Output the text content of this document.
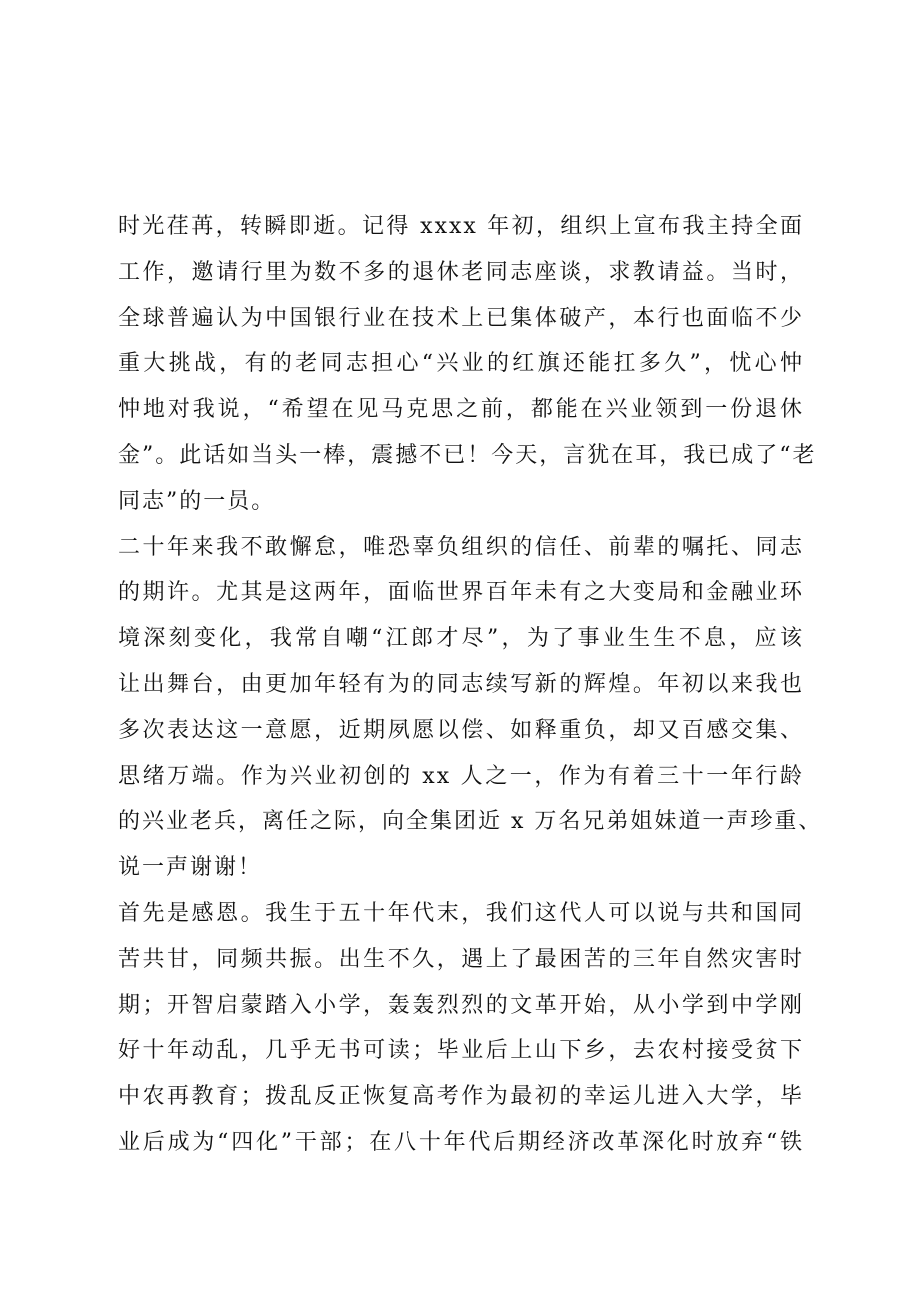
时光荏苒，转瞬即逝。记得 xxxx 年初，组织上宣布我主持全面
工作，邀请行里为数不多的退休老同志座谈，求教请益。当时，
全球普遍认为中国银行业在技术上已集体破产，本行也面临不少
重大挑战，有的老同志担心“兴业的红旗还能扛多久”，忧心忡
忡地对我说，“希望在见马克思之前，都能在兴业领到一份退休
金”。此话如当头一棒，震撼不已！今天，言犹在耳，我已成了“老
同志”的一员。
二十年来我不敢懈怠，唯恐辜负组织的信任、前辈的嘱托、同志
的期许。尤其是这两年，面临世界百年未有之大变局和金融业环
境深刻变化，我常自嘲“江郎才尽”，为了事业生生不息，应该
让出舞台，由更加年轻有为的同志续写新的辉煌。年初以来我也
多次表达这一意愿，近期夙愿以偿、如释重负，却又百感交集、
思绪万端。作为兴业初创的 xx 人之一，作为有着三十一年行龄
的兴业老兵，离任之际，向全集团近 x 万名兄弟姐妹道一声珍重、
说一声谢谢！
首先是感恩。我生于五十年代末，我们这代人可以说与共和国同
苦共甘，同频共振。出生不久，遇上了最困苦的三年自然灾害时
期；开智启蒙踏入小学，轰轰烈烈的文革开始，从小学到中学刚
好十年动乱，几乎无书可读；毕业后上山下乡，去农村接受贫下
中农再教育；拨乱反正恢复高考作为最初的幸运儿进入大学，毕
业后成为“四化”干部；在八十年代后期经济改革深化时放弃“铁
